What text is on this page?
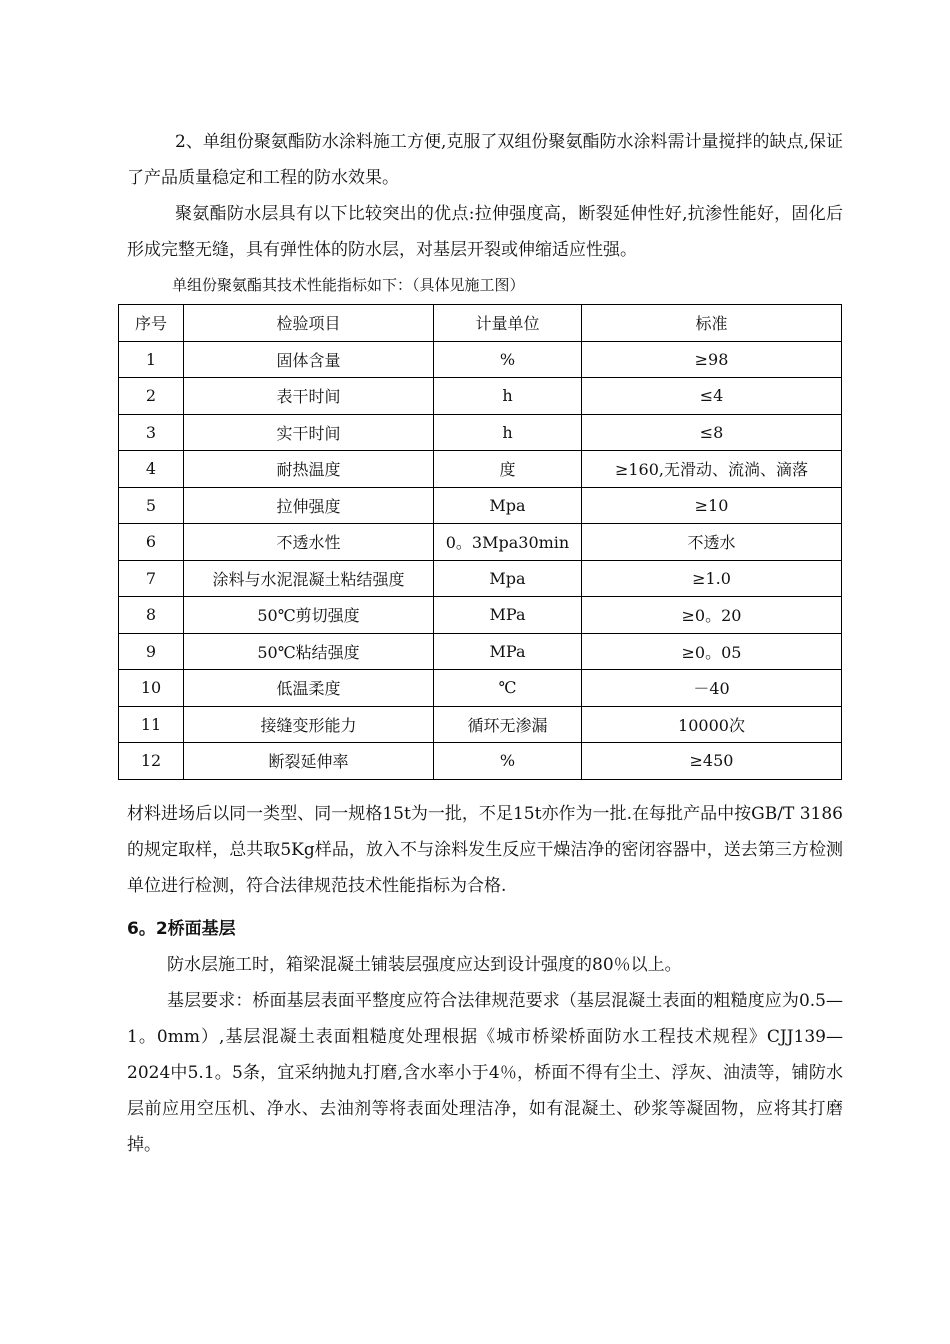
2、单组份聚氨酯防水涂料施工方便,克服了双组份聚氨酯防水涂料需计量搅拌的缺点,保证了产品质量稳定和工程的防水效果。

聚氨酯防水层具有以下比较突出的优点:拉伸强度高，断裂延伸性好,抗渗性能好，固化后形成完整无缝，具有弹性体的防水层，对基层开裂或伸缩适应性强。

单组份聚氨酯其技术性能指标如下：（具体见施工图）

序号	检验项目	计量单位	标准
1	固体含量	%	≥98
2	表干时间	h	≤4
3	实干时间	h	≤8
4	耐热温度	度	≥160,无滑动、流淌、滴落
5	拉伸强度	Mpa	≥10
6	不透水性	0。3Mpa30min	不透水
7	涂料与水泥混凝土粘结强度	Mpa	≥1.0
8	50℃剪切强度	MPa	≥0。20
9	50℃粘结强度	MPa	≥0。05
10	低温柔度	℃	－40
11	接缝变形能力	循环无渗漏	10000次
12	断裂延伸率	%	≥450

材料进场后以同一类型、同一规格15t为一批，不足15t亦作为一批.在每批产品中按GB/T 3186的规定取样，总共取5Kg样品，放入不与涂料发生反应干燥洁净的密闭容器中，送去第三方检测单位进行检测，符合法律规范技术性能指标为合格.

6。2桥面基层

防水层施工时，箱梁混凝土铺装层强度应达到设计强度的80％以上。

基层要求：桥面基层表面平整度应符合法律规范要求（基层混凝土表面的粗糙度应为0.5—1。0mm）,基层混凝土表面粗糙度处理根据《城市桥梁桥面防水工程技术规程》CJJ139—2024中5.1。5条，宜采纳抛丸打磨,含水率小于4％，桥面不得有尘土、浮灰、油渍等，铺防水层前应用空压机、净水、去油剂等将表面处理洁净，如有混凝土、砂浆等凝固物，应将其打磨掉。
